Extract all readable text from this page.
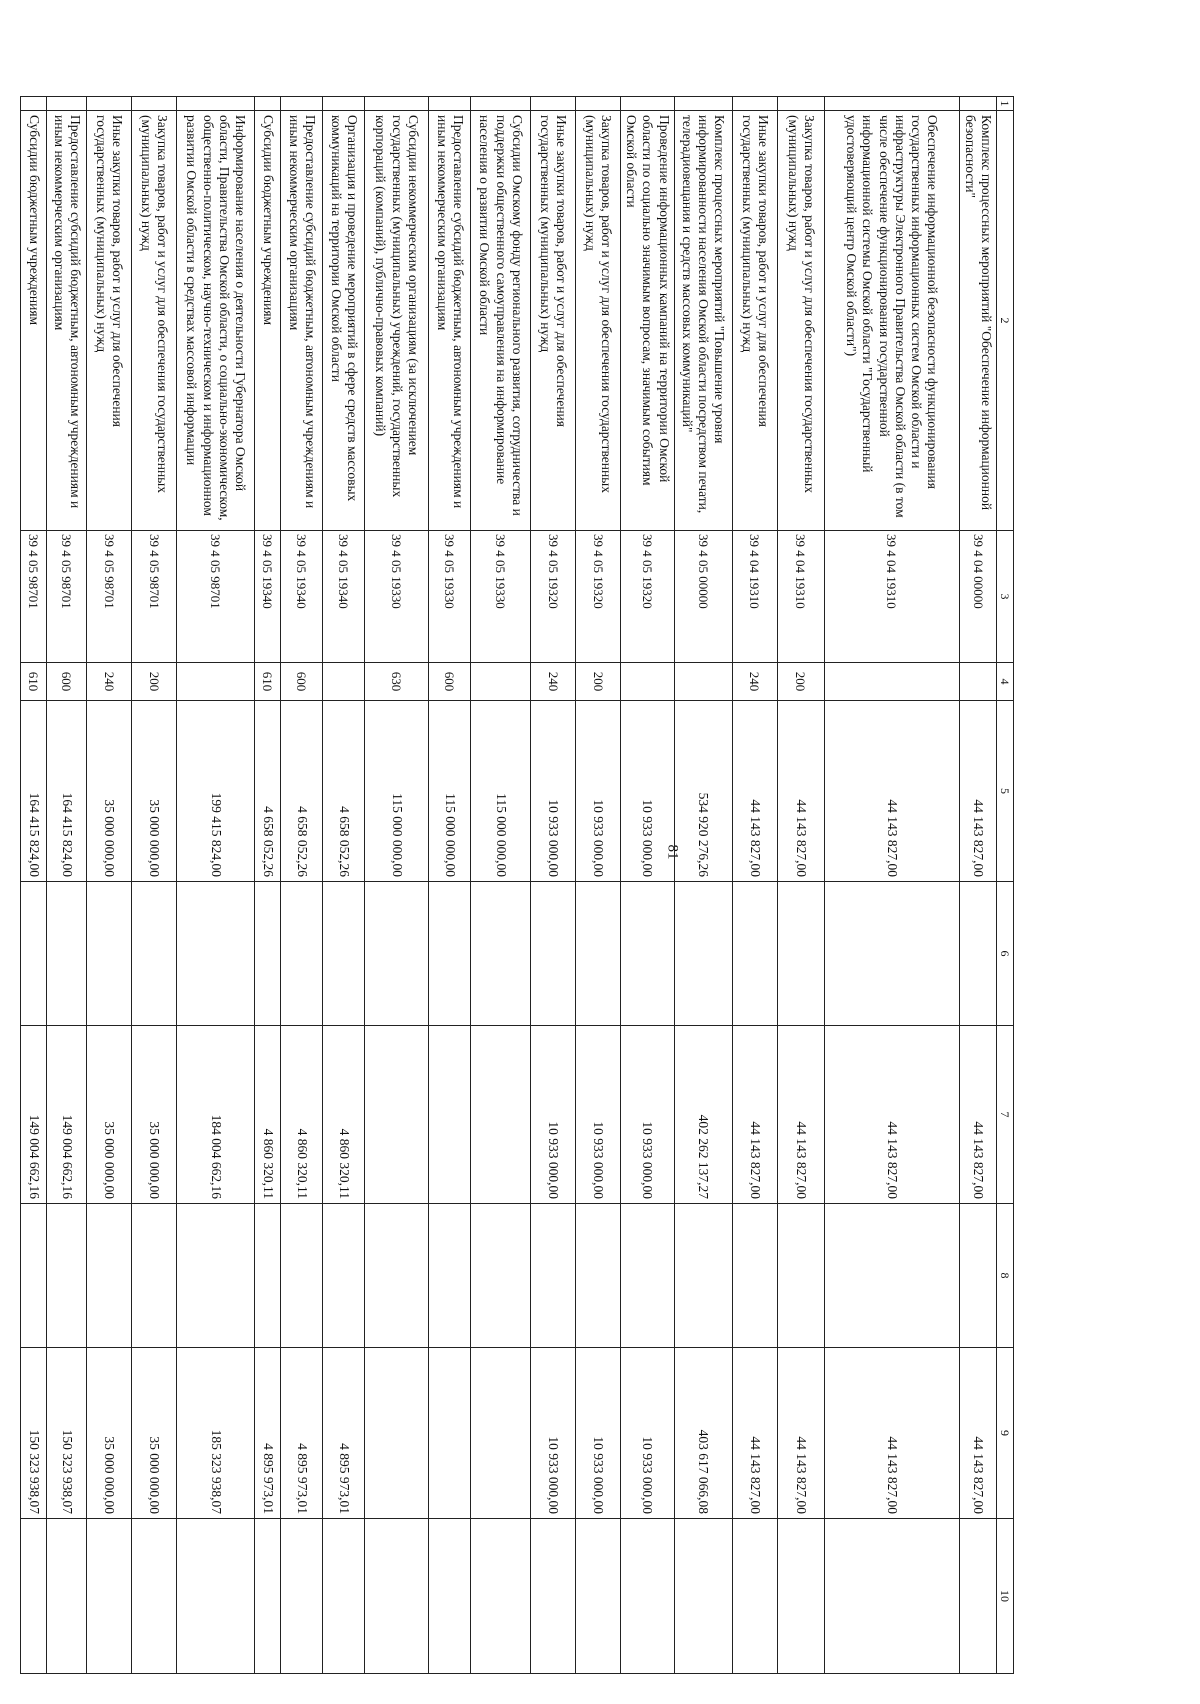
81
1	2	3	4	5	6	7	8	9	10
	Комплекс процессных мероприятий "Обеспечение информационной безопасности"	39 4 04 00000		44 143 827,00		44 143 827,00		44 143 827,00	
	Обеспечение информационной безопасности функционирования государственных информационных систем Омской области и инфраструктуры Электронного Правительства Омской области (в том числе обеспечение функционирования государственной информационной системы Омской области "Государственный удостоверяющий центр Омской области")	39 4 04 19310		44 143 827,00		44 143 827,00		44 143 827,00	
	Закупка товаров, работ и услуг для обеспечения государственных (муниципальных) нужд	39 4 04 19310	200	44 143 827,00		44 143 827,00		44 143 827,00	
	Иные закупки товаров, работ и услуг для обеспечения государственных (муниципальных) нужд	39 4 04 19310	240	44 143 827,00		44 143 827,00		44 143 827,00	
	Комплекс процессных мероприятий "Повышение уровня информированности населения Омской области посредством печати, телерадиовещания и средств массовых коммуникаций"	39 4 05 00000		534 920 276,26		402 262 137,27		403 617 066,08	
	Проведение информационных кампаний на территории Омской области по социально значимым вопросам, значимым событиям Омской области	39 4 05 19320		10 933 000,00		10 933 000,00		10 933 000,00	
	Закупка товаров, работ и услуг для обеспечения государственных (муниципальных) нужд	39 4 05 19320	200	10 933 000,00		10 933 000,00		10 933 000,00	
	Иные закупки товаров, работ и услуг для обеспечения государственных (муниципальных) нужд	39 4 05 19320	240	10 933 000,00		10 933 000,00		10 933 000,00	
	Субсидии Омскому фонду регионального развития, сотрудничества и поддержки общественного самоуправления на информирование населения о развитии Омской области	39 4 05 19330		115 000 000,00					
	Предоставление субсидий бюджетным, автономным учреждениям и иным некоммерческим организациям	39 4 05 19330	600	115 000 000,00					
	Субсидии некоммерческим организациям (за исключением государственных (муниципальных) учреждений, государственных корпораций (компаний), публично-правовых компаний)	39 4 05 19330	630	115 000 000,00					
	Организация и проведение мероприятий в сфере средств массовых коммуникаций на территории Омской области	39 4 05 19340		4 658 052,26		4 860 320,11		4 895 973,01	
	Предоставление субсидий бюджетным, автономным учреждениям и иным некоммерческим организациям	39 4 05 19340	600	4 658 052,26		4 860 320,11		4 895 973,01	
	Субсидии бюджетным учреждениям	39 4 05 19340	610	4 658 052,26		4 860 320,11		4 895 973,01	
	Информирование населения о деятельности Губернатора Омской области, Правительства Омской области, о социально-экономическом, общественно-политическом, научно-техническом и информационном развитии Омской области в средствах массовой информации	39 4 05 98701		199 415 824,00		184 004 662,16		185 323 938,07	
	Закупка товаров, работ и услуг для обеспечения государственных (муниципальных) нужд	39 4 05 98701	200	35 000 000,00		35 000 000,00		35 000 000,00	
	Иные закупки товаров, работ и услуг для обеспечения государственных (муниципальных) нужд	39 4 05 98701	240	35 000 000,00		35 000 000,00		35 000 000,00	
	Предоставление субсидий бюджетным, автономным учреждениям и иным некоммерческим организациям	39 4 05 98701	600	164 415 824,00		149 004 662,16		150 323 938,07	
	Субсидии бюджетным учреждениям	39 4 05 98701	610	164 415 824,00		149 004 662,16		150 323 938,07	
